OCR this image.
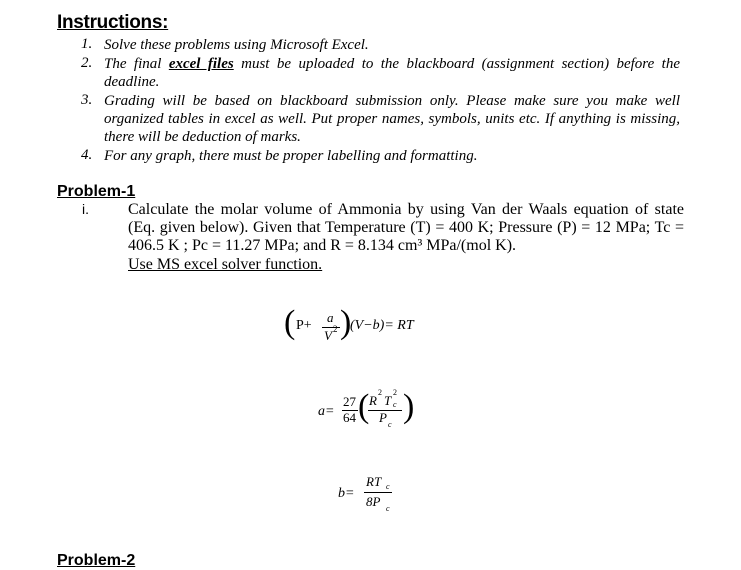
Instructions:
1. Solve these problems using Microsoft Excel.
2. The final excel files must be uploaded to the blackboard (assignment section) before the deadline.
3. Grading will be based on blackboard submission only. Please make sure you make well organized tables in excel as well. Put proper names, symbols, units etc. If anything is missing, there will be deduction of marks.
4. For any graph, there must be proper labelling and formatting.
Problem-1
i. Calculate the molar volume of Ammonia by using Van der Waals equation of state (Eq. given below). Given that Temperature (T) = 400 K; Pressure (P) = 12 MPa; Tc = 406.5 K ; Pc = 11.27 MPa; and R = 8.134 cm³ MPa/(mol K).
Use MS excel solver function.
( P+
a
V 2 )
(V−b)= RT
a=
27
64 ( R
2
T
2
c
P c )
b=
RT c
8P c
Problem-2
